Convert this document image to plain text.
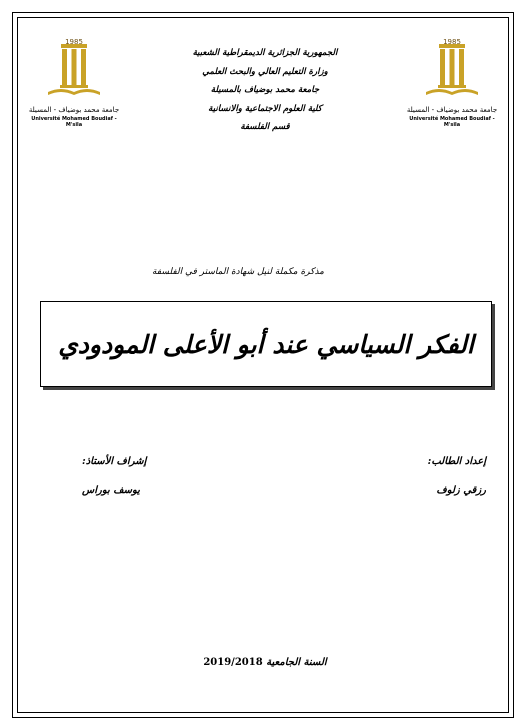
1985
جامعة محمد بوضياف - المسيلة
Université Mohamed Boudiaf - M'sila
1985
جامعة محمد بوضياف - المسيلة
Université Mohamed Boudiaf - M'sila
الجمهورية الجزائرية الديمقراطية الشعبية
وزارة التعليم العالي والبحث العلمي
جامعة محمد بوضياف بالمسيلة
كلية العلوم الاجتماعية والانسانية
قسم الفلسفة
مذكرة مكملة لنيل شهادة الماستر في الفلسفة
الفكر السياسي عند أبو الأعلى المودودي
إعداد الطالب:
رزقي زلوف
إشراف الأستاذ:
يوسف بوراس
السنة الجامعية 2019/2018
